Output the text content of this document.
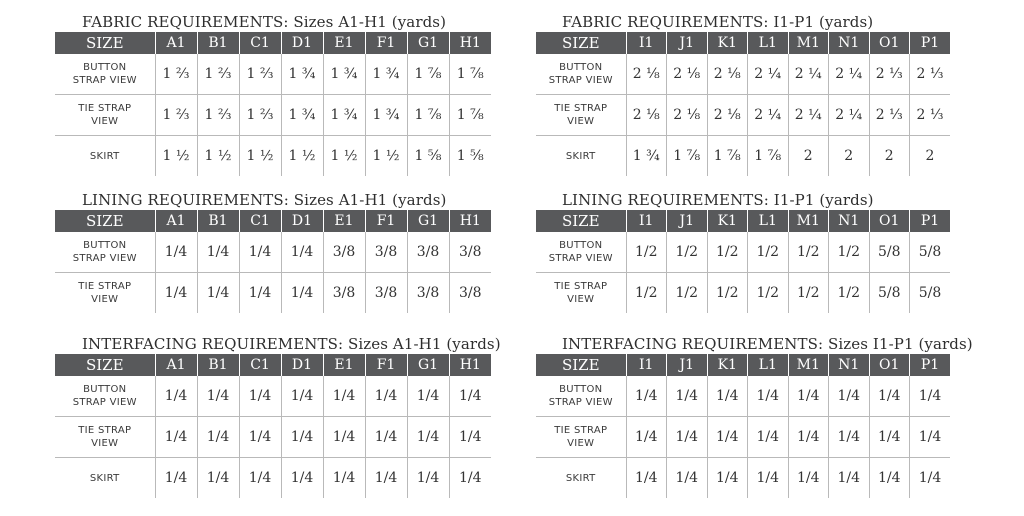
FABRIC REQUIREMENTS: Sizes A1-H1 (yards)
SIZE	A1	B1	C1	D1	E1	F1	G1	H1
BUTTON
STRAP VIEW	1 ⅔	1 ⅔	1 ⅔	1 ¾	1 ¾	1 ¾	1 ⅞	1 ⅞
TIE STRAP
VIEW	1 ⅔	1 ⅔	1 ⅔	1 ¾	1 ¾	1 ¾	1 ⅞	1 ⅞
SKIRT	1 ½	1 ½	1 ½	1 ½	1 ½	1 ½	1 ⅝	1 ⅝
FABRIC REQUIREMENTS: I1-P1 (yards)
SIZE	I1	J1	K1	L1	M1	N1	O1	P1
BUTTON
STRAP VIEW	2 ⅛	2 ⅛	2 ⅛	2 ¼	2 ¼	2 ¼	2 ⅓	2 ⅓
TIE STRAP
VIEW	2 ⅛	2 ⅛	2 ⅛	2 ¼	2 ¼	2 ¼	2 ⅓	2 ⅓
SKIRT	1 ¾	1 ⅞	1 ⅞	1 ⅞	2	2	2	2
LINING REQUIREMENTS: Sizes A1-H1 (yards)
SIZE	A1	B1	C1	D1	E1	F1	G1	H1
BUTTON
STRAP VIEW	1/4	1/4	1/4	1/4	3/8	3/8	3/8	3/8
TIE STRAP
VIEW	1/4	1/4	1/4	1/4	3/8	3/8	3/8	3/8
LINING REQUIREMENTS: I1-P1 (yards)
SIZE	I1	J1	K1	L1	M1	N1	O1	P1
BUTTON
STRAP VIEW	1/2	1/2	1/2	1/2	1/2	1/2	5/8	5/8
TIE STRAP
VIEW	1/2	1/2	1/2	1/2	1/2	1/2	5/8	5/8
INTERFACING REQUIREMENTS: Sizes A1-H1 (yards)
SIZE	A1	B1	C1	D1	E1	F1	G1	H1
BUTTON
STRAP VIEW	1/4	1/4	1/4	1/4	1/4	1/4	1/4	1/4
TIE STRAP
VIEW	1/4	1/4	1/4	1/4	1/4	1/4	1/4	1/4
SKIRT	1/4	1/4	1/4	1/4	1/4	1/4	1/4	1/4
INTERFACING REQUIREMENTS: Sizes I1-P1 (yards)
SIZE	I1	J1	K1	L1	M1	N1	O1	P1
BUTTON
STRAP VIEW	1/4	1/4	1/4	1/4	1/4	1/4	1/4	1/4
TIE STRAP
VIEW	1/4	1/4	1/4	1/4	1/4	1/4	1/4	1/4
SKIRT	1/4	1/4	1/4	1/4	1/4	1/4	1/4	1/4
